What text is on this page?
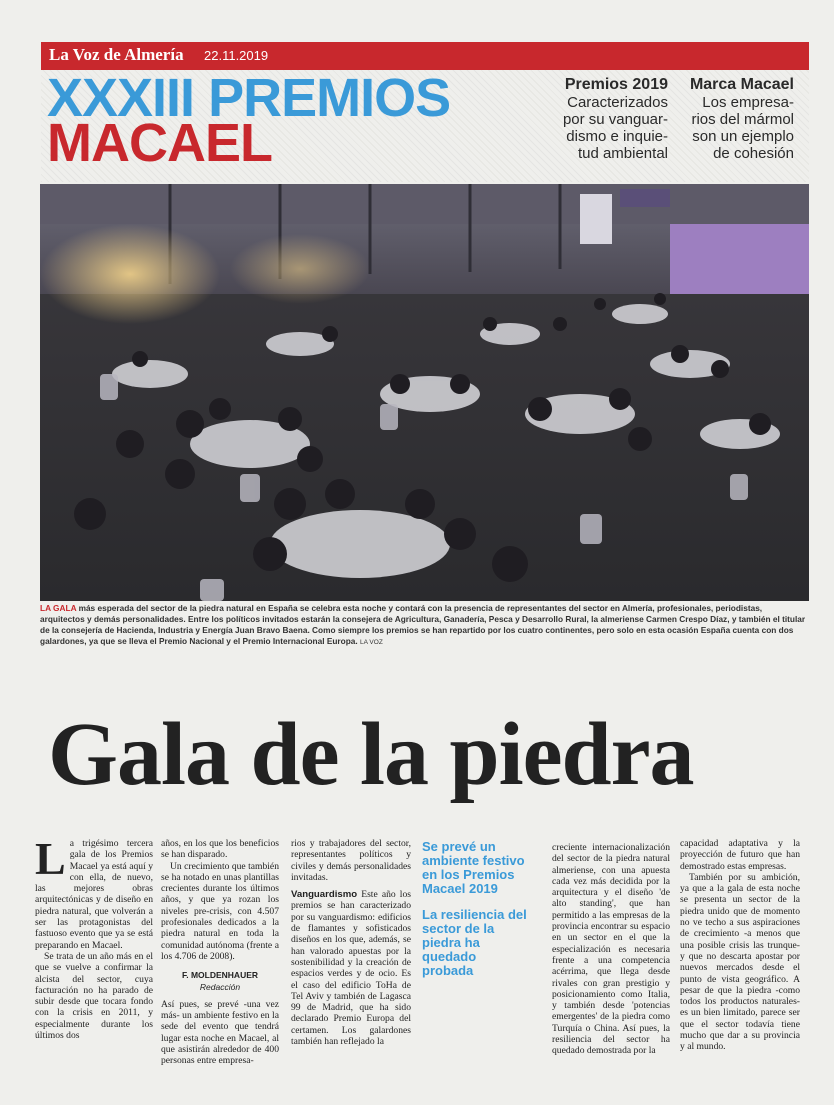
La Voz de Almería 22.11.2019
XXXIII PREMIOS
MACAEL
Premios 2019
Caracterizados
por su vanguar-
dismo e inquie-
tud ambiental
Marca Macael
Los empresa-
rios del mármol
son un ejemplo
de cohesión
LA GALA más esperada del sector de la piedra natural en España se celebra esta noche y contará con la presencia de representantes del sector en Almería, profesionales, periodistas, arquitectos y demás personalidades. Entre los políticos invitados estarán la consejera de Agricultura, Ganadería, Pesca y Desarrollo Rural, la almeriense Carmen Crespo Díaz, y también el titular de la consejería de Hacienda, Industria y Energía Juan Bravo Baena. Como siempre los premios se han repartido por los cuatro continentes, pero solo en esta ocasión España cuenta con dos galardones, ya que se lleva el Premio Nacional y el Premio Internacional Europa. LA VOZ
Gala de la piedra

La trigésimo tercera gala de los Premios Macael ya está aquí y con ella, de nuevo, las mejores obras arquitectónicas y de diseño en piedra natural, que volverán a ser las protagonistas del fastuoso evento que ya se está preparando en Macael.

Se trata de un año más en el que se vuelve a confirmar la alcista del sector, cuya facturación no ha parado de subir desde que tocara fondo con la crisis en 2011, y especialmente durante los últimos dos

años, en los que los beneficios se han disparado.

Un crecimiento que también se ha notado en unas plantillas crecientes durante los últimos años, y que ya rozan los niveles pre-crisis, con 4.507 profesionales dedicados a la piedra natural en toda la comunidad autónoma (frente a los 4.706 de 2008).

F. MOLDENHAUER
Redacción

Así pues, se prevé -una vez más- un ambiente festivo en la sede del evento que tendrá lugar esta noche en Macael, al que asistirán alrededor de 400 personas entre empresa-

rios y trabajadores del sector, representantes políticos y civiles y demás personalidades invitadas.

Vanguardismo Este año los premios se han caracterizado por su vanguardismo: edificios de flamantes y sofisticados diseños en los que, además, se han valorado apuestas por la sostenibilidad y la creación de espacios verdes y de ocio. Es el caso del edificio ToHa de Tel Aviv y también de Lagasca 99 de Madrid, que ha sido declarado Premio Europa del certamen. Los galardones también han reflejado la

Se prevé un ambiente festivo en los Premios Macael 2019
La resiliencia del sector de la piedra ha quedado probada

creciente internacionalización del sector de la piedra natural almeriense, con una apuesta cada vez más decidida por la arquitectura y el diseño 'de alto standing', que han permitido a las empresas de la provincia encontrar su espacio en un sector en el que la especialización es necesaria frente a una competencia acérrima, que llega desde rivales con gran prestigio y posicionamiento como Italia, y también desde 'potencias emergentes' de la piedra como Turquía o China. Así pues, la resiliencia del sector ha quedado demostrada por la

capacidad adaptativa y la proyección de futuro que han demostrado estas empresas.

También por su ambición, ya que a la gala de esta noche se presenta un sector de la piedra unido que de momento no ve techo a sus aspiraciones de crecimiento -a menos que una posible crisis las trunque- y que no descarta apostar por nuevos mercados desde el punto de vista geográfico. A pesar de que la piedra -como todos los productos naturales- es un bien limitado, parece ser que el sector todavía tiene mucho que dar a su provincia y al mundo.
